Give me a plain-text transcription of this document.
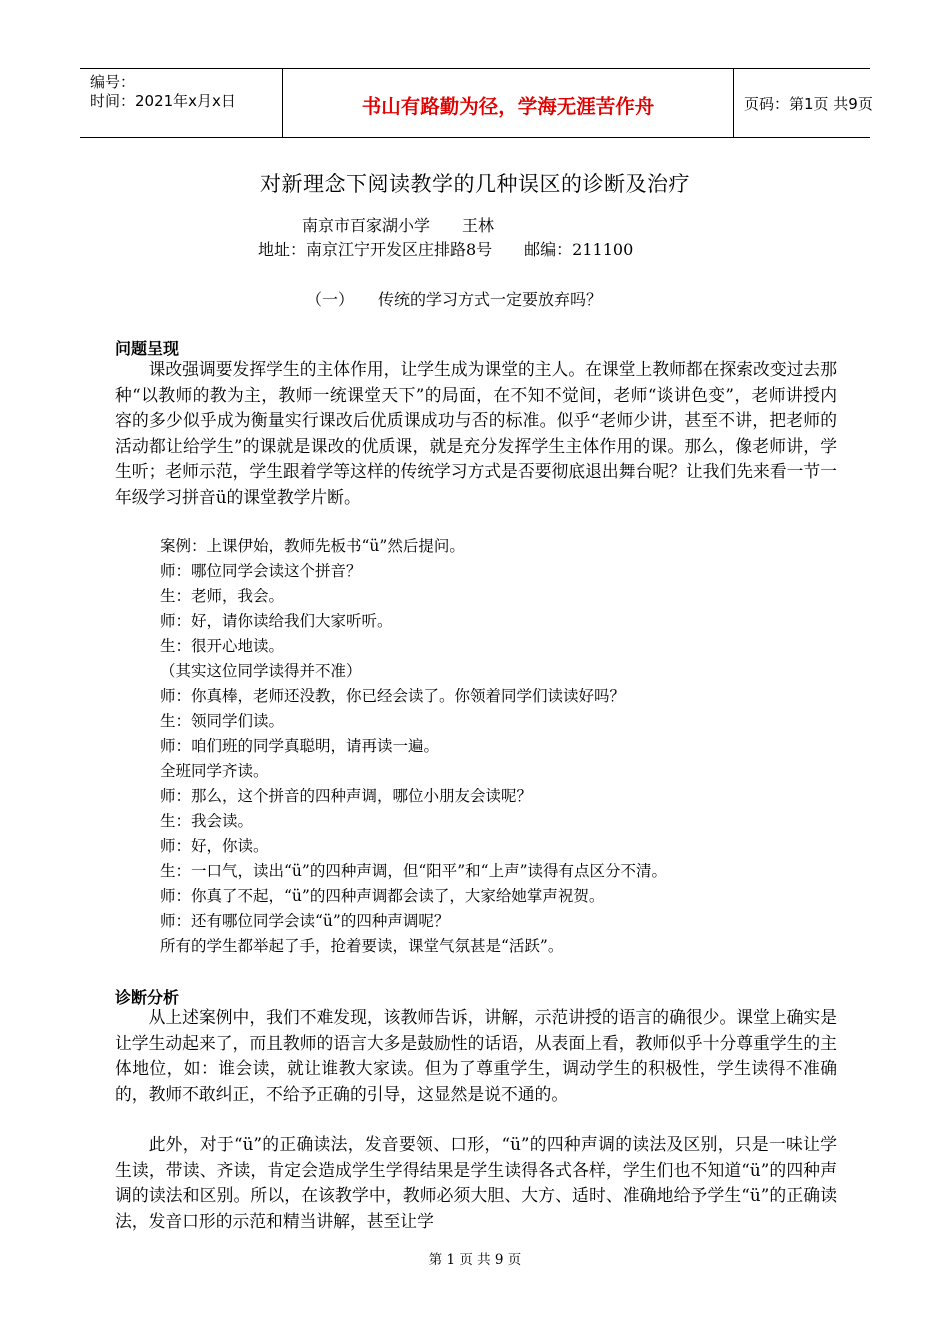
编号：
时间：2021年x月x日	书山有路勤为径，学海无涯苦作舟	页码：第1页 共9页
对新理念下阅读教学的几种误区的诊断及治疗
南京市百家湖小学　　王林
地址：南京江宁开发区庄排路8号　　邮编：211100
（一）　　传统的学习方式一定要放弃吗？
问题呈现

课改强调要发挥学生的主体作用，让学生成为课堂的主人。在课堂上教师都在探索改变过去那种“以教师的教为主，教师一统课堂天下”的局面，在不知不觉间，老师“谈讲色变”，老师讲授内容的多少似乎成为衡量实行课改后优质课成功与否的标准。似乎“老师少讲，甚至不讲，把老师的活动都让给学生”的课就是课改的优质课，就是充分发挥学生主体作用的课。那么，像老师讲，学生听；老师示范，学生跟着学等这样的传统学习方式是否要彻底退出舞台呢？让我们先来看一节一年级学习拼音ü的课堂教学片断。

案例：上课伊始，教师先板书“ü”然后提问。
师：哪位同学会读这个拼音？
生：老师，我会。
师：好，请你读给我们大家听听。
生：很开心地读。
（其实这位同学读得并不准）
师：你真棒，老师还没教，你已经会读了。你领着同学们读读好吗？
生：领同学们读。
师：咱们班的同学真聪明，请再读一遍。
全班同学齐读。
师：那么，这个拼音的四种声调，哪位小朋友会读呢？
生：我会读。
师：好，你读。
生：一口气，读出“ü”的四种声调，但“阳平”和“上声”读得有点区分不清。
师：你真了不起，“ü”的四种声调都会读了，大家给她掌声祝贺。
师：还有哪位同学会读“ü”的四种声调呢？
所有的学生都举起了手，抢着要读，课堂气氛甚是“活跃”。
诊断分析

从上述案例中，我们不难发现，该教师告诉，讲解，示范讲授的语言的确很少。课堂上确实是让学生动起来了，而且教师的语言大多是鼓励性的话语，从表面上看，教师似乎十分尊重学生的主体地位，如：谁会读，就让谁教大家读。但为了尊重学生，调动学生的积极性，学生读得不准确的，教师不敢纠正，不给予正确的引导，这显然是说不通的。

此外，对于“ü”的正确读法，发音要领、口形，“ü”的四种声调的读法及区别，只是一味让学生读，带读、齐读，肯定会造成学生学得结果是学生读得各式各样，学生们也不知道“ü”的四种声调的读法和区别。所以，在该教学中，教师必须大胆、大方、适时、准确地给予学生“ü”的正确读法，发音口形的示范和精当讲解，甚至让学

第 1 页 共 9 页
